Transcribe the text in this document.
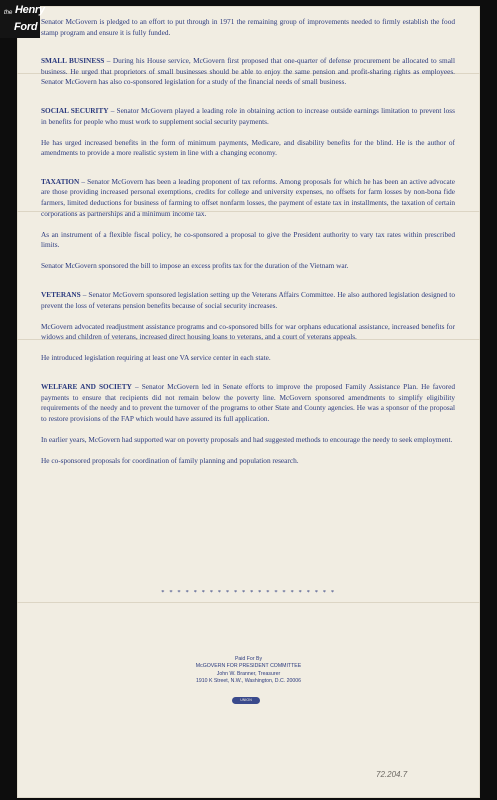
the Henry
Ford Senator McGovern is pledged to an effort to put through in 1971 the remaining group of improvements needed to firmly establish the food stamp program and ensure it is fully funded.

SMALL BUSINESS – During his House service, McGovern first proposed that one-quarter of defense procurement be allocated to small business. He urged that proprietors of small businesses should be able to enjoy the same pension and profit-sharing rights as employees. Senator McGovern has also co-sponsored legislation for a study of the financial needs of small business.

SOCIAL SECURITY – Senator McGovern played a leading role in obtaining action to increase outside earnings limitation to prevent loss in benefits for people who must work to supplement social security payments.

He has urged increased benefits in the form of minimum payments, Medicare, and disability benefits for the blind. He is the author of amendments to provide a more realistic system in line with a changing economy.

TAXATION – Senator McGovern has been a leading proponent of tax reforms. Among proposals for which he has been an active advocate are those providing increased personal exemptions, credits for college and university expenses, no offsets for farm losses by non-bona fide farmers, limited deductions for business of farming to offset nonfarm losses, the payment of estate tax in installments, the taxation of certain corporations as partnerships and a minimum income tax.

As an instrument of a flexible fiscal policy, he co-sponsored a proposal to give the President authority to vary tax rates within prescribed limits.

Senator McGovern sponsored the bill to impose an excess profits tax for the duration of the Vietnam war.

VETERANS – Senator McGovern sponsored legislation setting up the Veterans Affairs Committee. He also authored legislation designed to prevent the loss of veterans pension benefits because of social security increases.

McGovern advocated readjustment assistance programs and co-sponsored bills for war orphans educational assistance, increased benefits for widows and children of veterans, increased direct housing loans to veterans, and a court of veterans appeals.

He introduced legislation requiring at least one VA service center in each state.

WELFARE AND SOCIETY – Senator McGovern led in Senate efforts to improve the proposed Family Assistance Plan. He favored payments to ensure that recipients did not remain below the poverty line. McGovern sponsored amendments to simplify eligibility requirements of the needy and to prevent the turnover of the programs to other State and County agencies. He was a sponsor of the proposal to restore provisions of the FAP which would have assured its full application.

In earlier years, McGovern had supported war on poverty proposals and had suggested methods to encourage the needy to seek employment.

He co-sponsored proposals for coordination of family planning and population research.

* * * * * * * * * * * * * * * * * * * * * *
Paid For By
McGOVERN FOR PRESIDENT COMMITTEE
John W. Branner, Treasurer
1910 K Street, N.W., Washington, D.C. 20006
UNION
72.204.7
